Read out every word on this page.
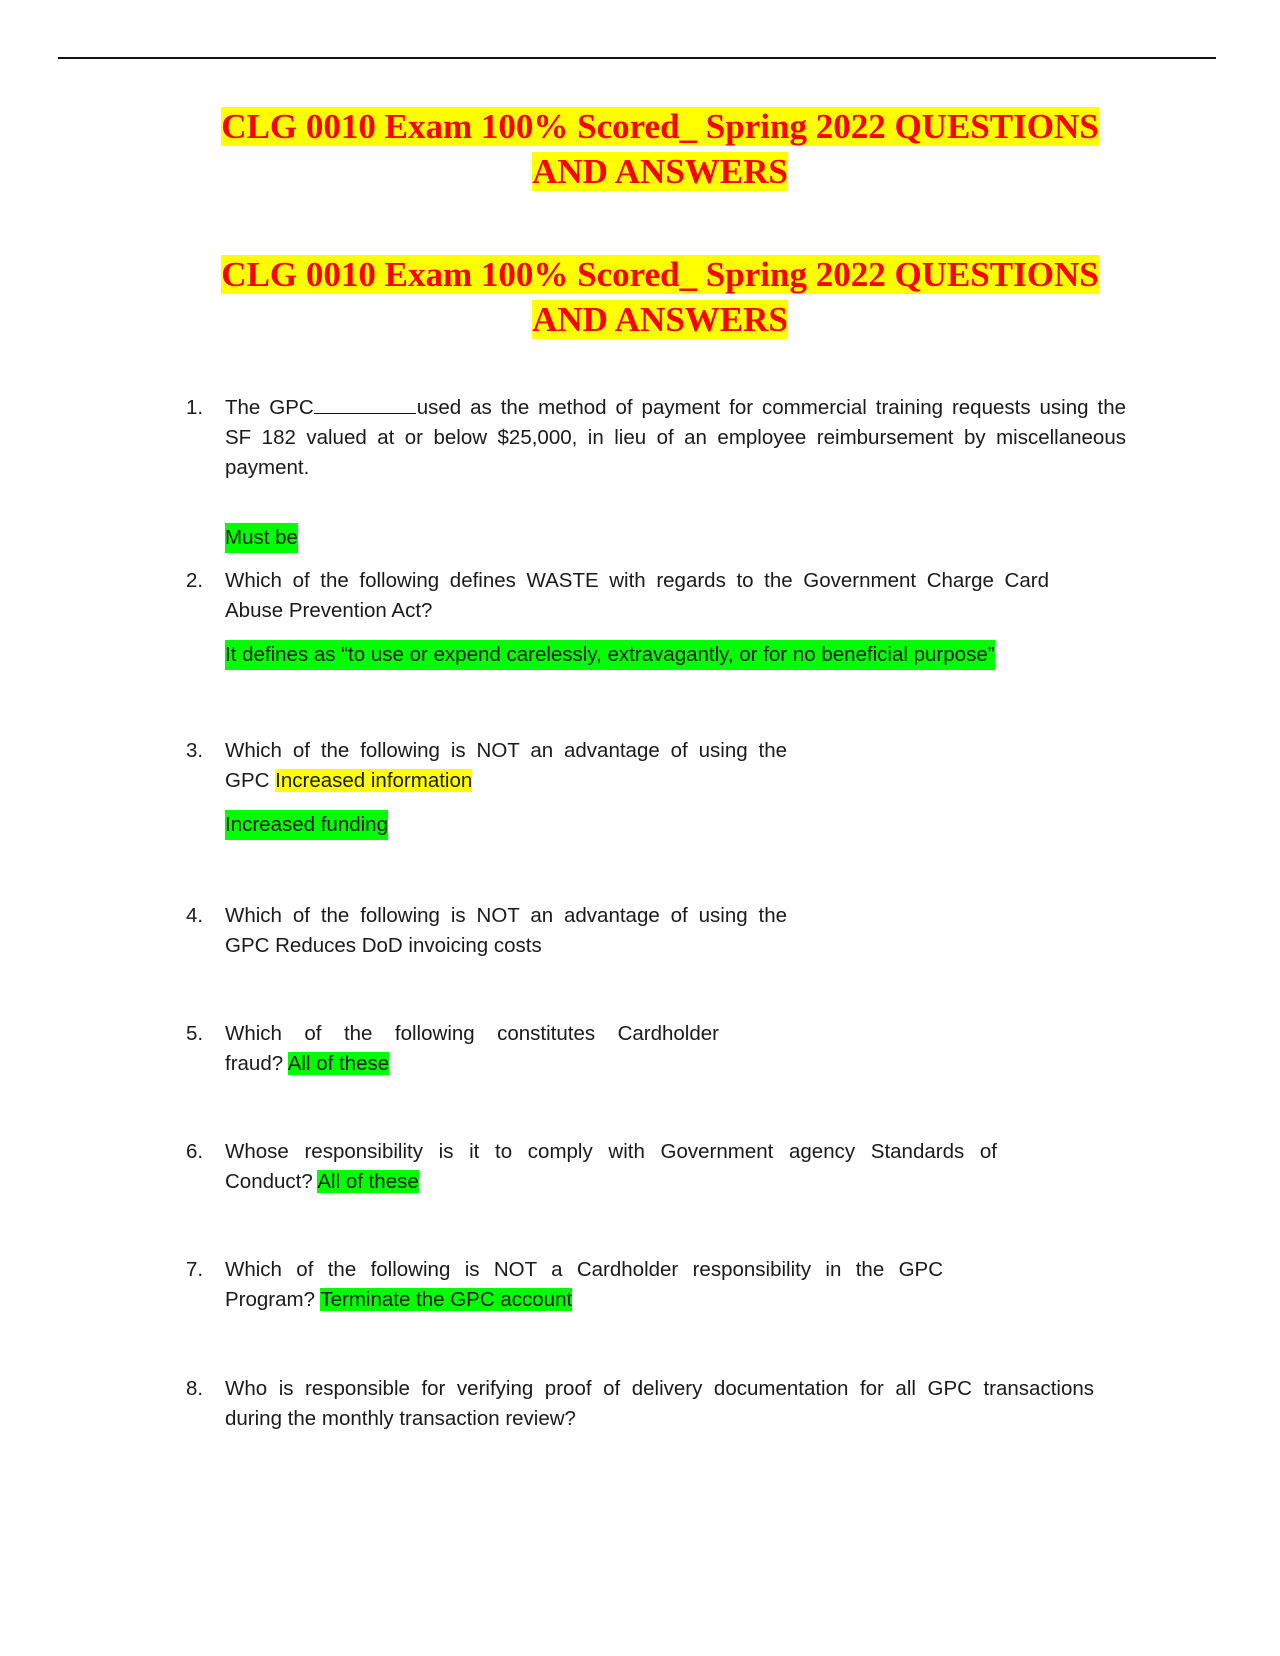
CLG 0010 Exam 100% Scored_ Spring 2022 QUESTIONS
AND ANSWERS
CLG 0010 Exam 100% Scored_ Spring 2022 QUESTIONS
AND ANSWERS
1.	The GPC	used as the method of payment for commercial training requests using the
SF 182 valued at or below $25,000, in lieu of an employee reimbursement by miscellaneous
payment.
Must be
2.	Which of the following defines WASTE with regards to the Government Charge Card
Abuse Prevention Act?
It defines as “to use or expend carelessly, extravagantly, or for no beneficial purpose”
3.	Which of the following is NOT an advantage of using the
GPC Increased information
Increased funding
4.	Which of the following is NOT an advantage of using the
GPC Reduces DoD invoicing costs
5.	Which of the following constitutes Cardholder
fraud? All of these
6.	Whose responsibility is it to comply with Government agency Standards of
Conduct? All of these
7.	Which of the following is NOT a Cardholder responsibility in the GPC
Program? Terminate the GPC account
8.	Who is responsible for verifying proof of delivery documentation for all GPC transactions
during the monthly transaction review?
